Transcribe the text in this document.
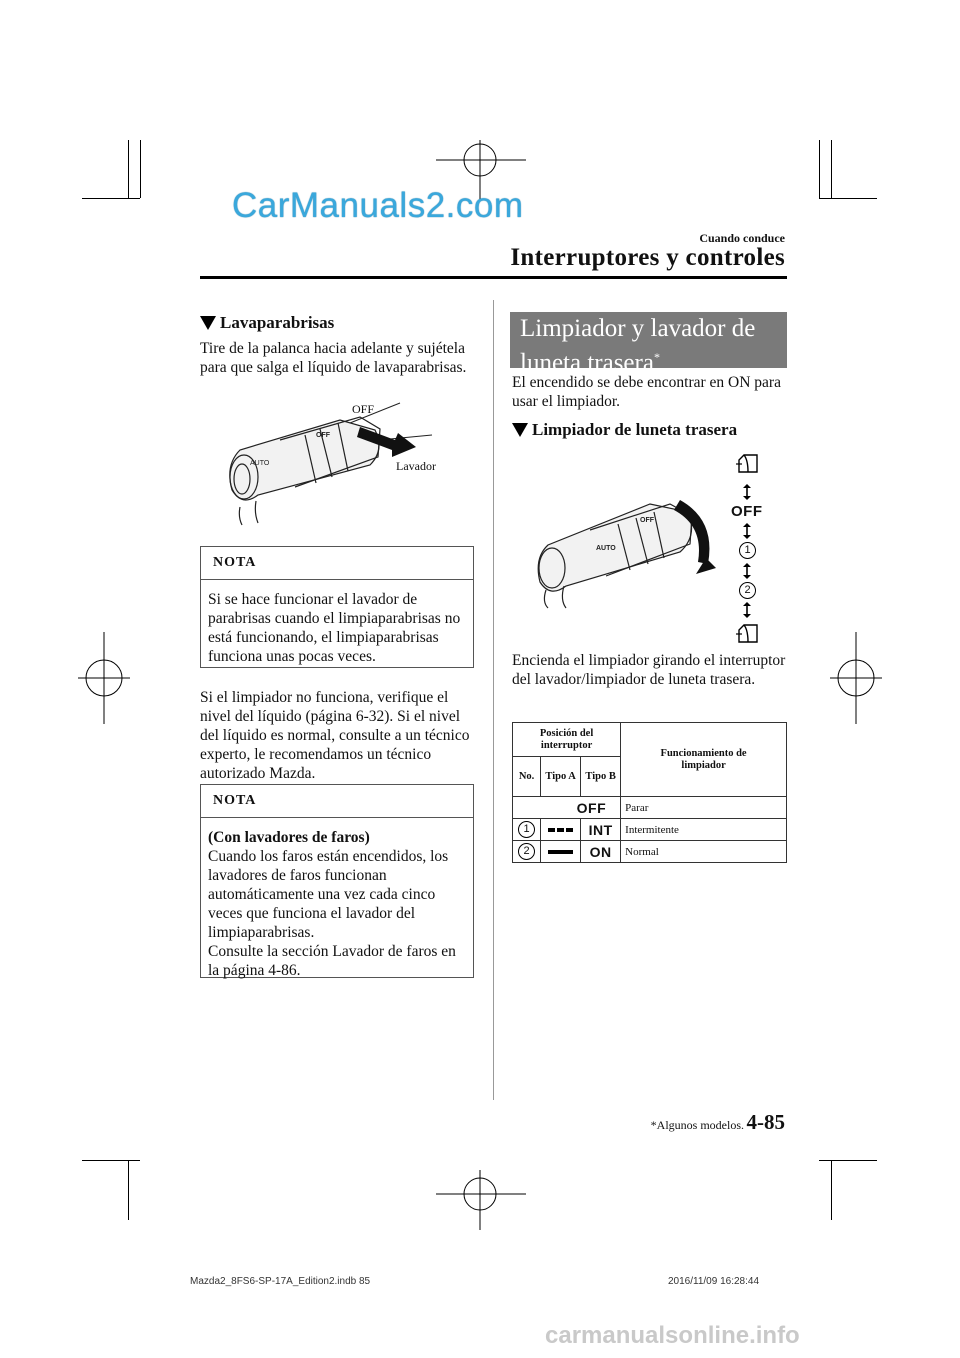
CarManuals2.com
Cuando conduce
Interruptores y controles
Lavaparabrisas
Tire de la palanca hacia adelante y sujétela para que salga el líquido de lavaparabrisas.
AUTO
OFF
OFF
Lavador
NOTA
Si se hace funcionar el lavador de parabrisas cuando el limpiaparabrisas no está funcionando, el limpiaparabrisas funciona unas pocas veces.
Si el limpiador no funciona, verifique el nivel del líquido (página 6-32). Si el nivel del líquido es normal, consulte a un técnico experto, le recomendamos un técnico autorizado Mazda.
NOTA
(Con lavadores de faros)
Cuando los faros están encendidos, los lavadores de faros funcionan automáticamente una vez cada cinco veces que funciona el lavador del limpiaparabrisas.
Consulte la sección Lavador de faros en la página 4-86.
Limpiador y lavador de luneta trasera*
El encendido se debe encontrar en ON para usar el limpiador.
Limpiador de luneta trasera
AUTO
OFF
OFF
1
2
Encienda el limpiador girando el interruptor del lavador/limpiador de luneta trasera.
Posición del interruptor			Funcionamiento de limpiador
No.	Tipo A	Tipo B	
OFF			Parar
1		INT	Intermitente
2		ON	Normal
*Algunos modelos. 4-85
Mazda2_8FS6-SP-17A_Edition2.indb 85	2016/11/09 16:28:44
carmanualsonline.info
